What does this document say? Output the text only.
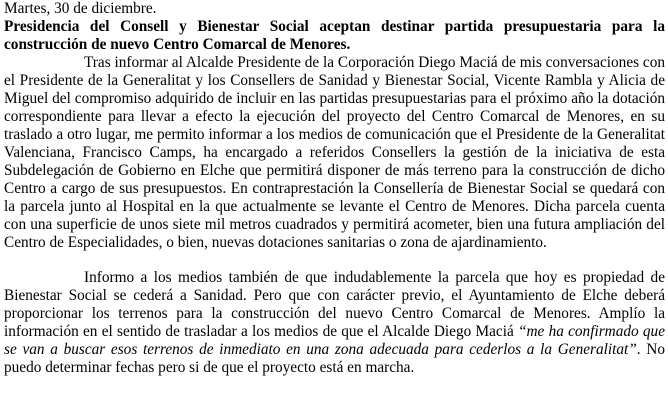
Martes, 30 de diciembre.

Presidencia del Consell y Bienestar Social aceptan destinar partida presupuestaria para la construcción de nuevo Centro Comarcal de Menores.

Tras informar al Alcalde Presidente de la Corporación Diego Maciá de mis conversaciones con el Presidente de la Generalitat y los Consellers de Sanidad y Bienestar Social, Vicente Rambla y Alicia de Miguel del compromiso adquirido de incluir en las partidas presupuestarias para el próximo año la dotación correspondiente para llevar a efecto la ejecución del proyecto del Centro Comarcal de Menores, en su traslado a otro lugar, me permito informar a los medios de comunicación que el Presidente de la Generalitat Valenciana, Francisco Camps, ha encargado a referidos Consellers la gestión de la iniciativa de esta Subdelegación de Gobierno en Elche que permitirá disponer de más terreno para la construcción de dicho Centro a cargo de sus presupuestos. En contraprestación la Consellería de Bienestar Social se quedará con la parcela junto al Hospital en la que actualmente se levante el Centro de Menores. Dicha parcela cuenta con una superficie de unos siete mil metros cuadrados y permitirá acometer, bien una futura ampliación del Centro de Especialidades, o bien, nuevas dotaciones sanitarias o zona de ajardinamiento.

Informo a los medios también de que indudablemente la parcela que hoy es propiedad de Bienestar Social se cederá a Sanidad. Pero que con carácter previo, el Ayuntamiento de Elche deberá proporcionar los terrenos para la construcción del nuevo Centro Comarcal de Menores. Amplío la información en el sentido de trasladar a los medios de que el Alcalde Diego Maciá “me ha confirmado que se van a buscar esos terrenos de inmediato en una zona adecuada para cederlos a la Generalitat”. No puedo determinar fechas pero si de que el proyecto está en marcha.
